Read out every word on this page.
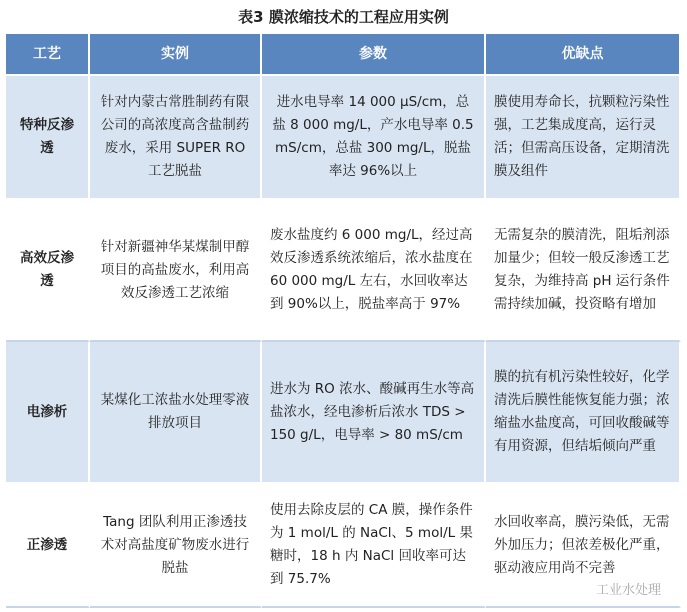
表3 膜浓缩技术的工程应用实例
工艺	实例	参数	优缺点
特种反渗透	针对内蒙古常胜制药有限公司的高浓度高含盐制药废水，采用 SUPER RO 工艺脱盐	进水电导率 14 000 µS/cm，总盐 8 000 mg/L，产水电导率 0.5 mS/cm，总盐 300 mg/L，脱盐率达 96%以上	膜使用寿命长，抗颗粒污染性强，工艺集成度高，运行灵活；但需高压设备，定期清洗膜及组件
高效反渗透	针对新疆神华某煤制甲醇项目的高盐废水，利用高效反渗透工艺浓缩	废水盐度约 6 000 mg/L，经过高效反渗透系统浓缩后，浓水盐度在 60 000 mg/L 左右，水回收率达到 90%以上，脱盐率高于 97%	无需复杂的膜清洗，阻垢剂添加量少；但较一般反渗透工艺复杂，为维持高 pH 运行条件需持续加碱，投资略有增加
电渗析	某煤化工浓盐水处理零液排放项目	进水为 RO 浓水、酸碱再生水等高盐浓水，经电渗析后浓水 TDS > 150 g/L，电导率 > 80 mS/cm	膜的抗有机污染性较好，化学清洗后膜性能恢复能力强；浓缩盐水盐度高，可回收酸碱等有用资源，但结垢倾向严重
正渗透	Tang 团队利用正渗透技术对高盐度矿物废水进行脱盐	使用去除皮层的 CA 膜，操作条件为 1 mol/L 的 NaCl、5 mol/L 果糖时，18 h 内 NaCl 回收率可达到 75.7%	水回收率高，膜污染低，无需外加压力；但浓差极化严重，驱动液应用尚不完善
工业水处理
